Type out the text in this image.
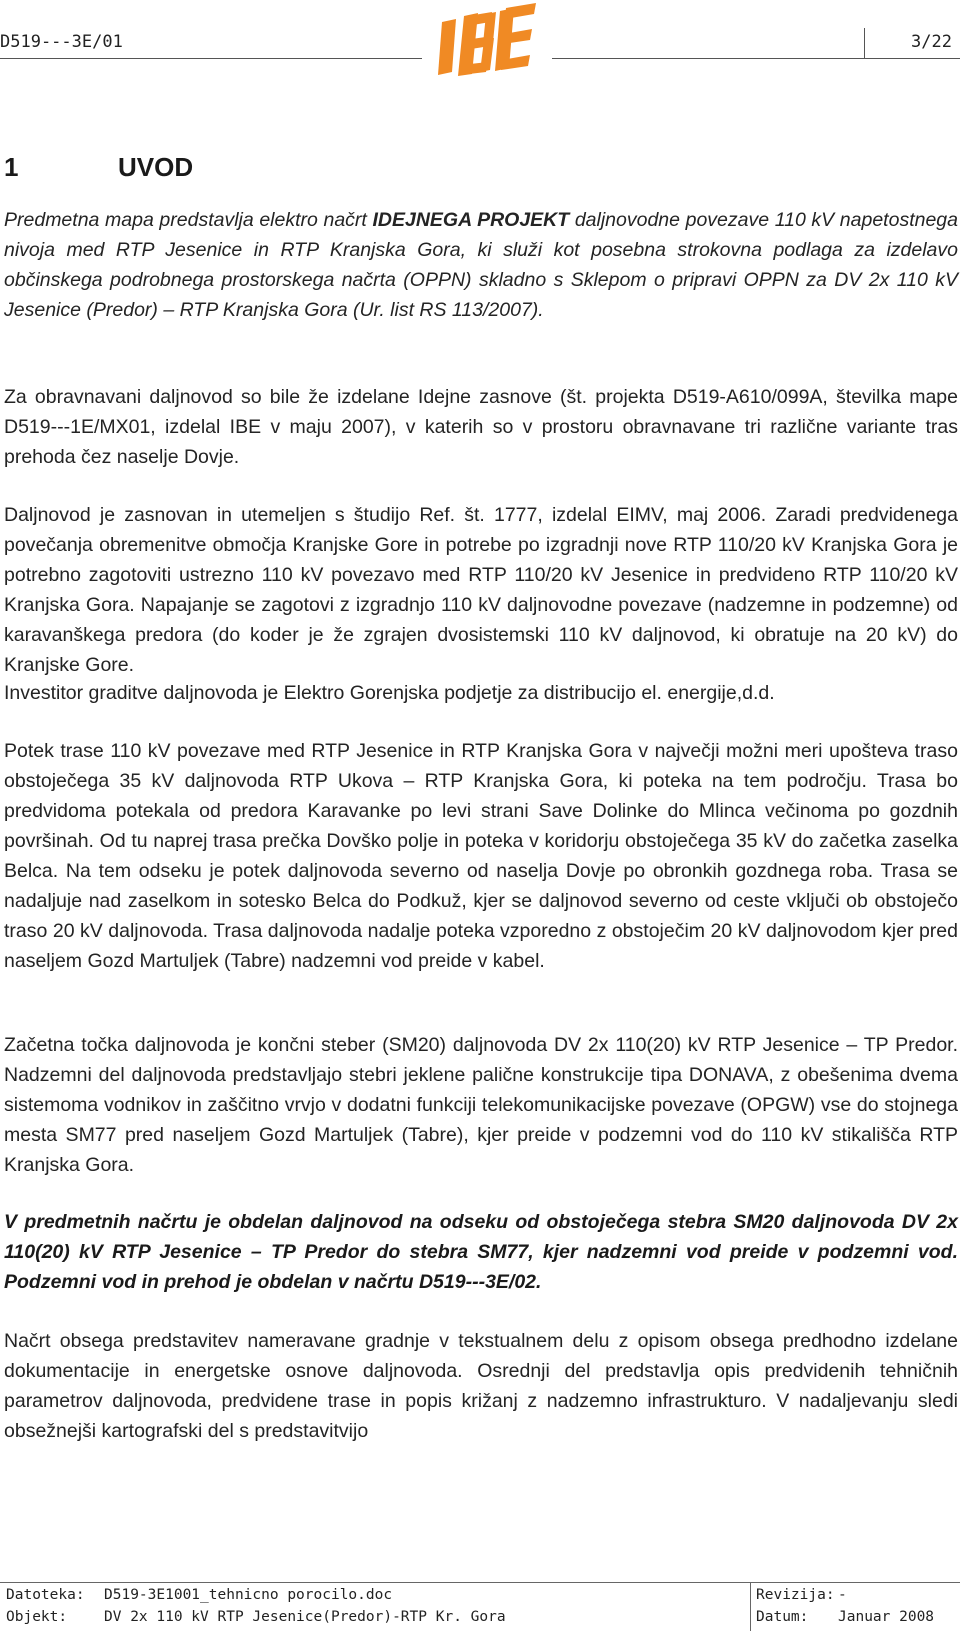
D519---3E/01	3/22
1	UVOD

Predmetna mapa predstavlja elektro načrt IDEJNEGA PROJEKT daljnovodne povezave 110 kV napetostnega nivoja med RTP Jesenice in RTP Kranjska Gora, ki služi kot posebna strokovna podlaga za izdelavo občinskega podrobnega prostorskega načrta (OPPN) skladno s Sklepom o pripravi OPPN za DV 2x 110 kV Jesenice (Predor) – RTP Kranjska Gora (Ur. list RS 113/2007).

Za obravnavani daljnovod so bile že izdelane Idejne zasnove (št. projekta D519-A610/099A, številka mape D519---1E/MX01, izdelal IBE v maju 2007), v katerih so v prostoru obravnavane tri različne variante tras prehoda čez naselje Dovje.

Daljnovod je zasnovan in utemeljen s študijo Ref. št. 1777, izdelal EIMV, maj 2006. Zaradi predvidenega povečanja obremenitve območja Kranjske Gore in potrebe po izgradnji nove RTP 110/20 kV Kranjska Gora je potrebno zagotoviti ustrezno 110 kV povezavo med RTP 110/20 kV Jesenice in predvideno RTP 110/20 kV Kranjska Gora. Napajanje se zagotovi z izgradnjo 110 kV daljnovodne povezave (nadzemne in podzemne) od karavanškega predora (do koder je že zgrajen dvosistemski 110 kV daljnovod, ki obratuje na 20 kV) do Kranjske Gore.

Investitor graditve daljnovoda je Elektro Gorenjska podjetje za distribucijo el. energije,d.d.

Potek trase 110 kV povezave med RTP Jesenice in RTP Kranjska Gora v največji možni meri upošteva traso obstoječega 35 kV daljnovoda RTP Ukova – RTP Kranjska Gora, ki poteka na tem področju. Trasa bo predvidoma potekala od predora Karavanke po levi strani Save Dolinke do Mlinca večinoma po gozdnih površinah. Od tu naprej trasa prečka Dovško polje in poteka v koridorju obstoječega 35 kV do začetka zaselka Belca. Na tem odseku je potek daljnovoda severno od naselja Dovje po obronkih gozdnega roba. Trasa se nadaljuje nad zaselkom in sotesko Belca do Podkuž, kjer se daljnovod severno od ceste vključi ob obstoječo traso 20 kV daljnovoda. Trasa daljnovoda nadalje poteka vzporedno z obstoječim 20 kV daljnovodom kjer pred naseljem Gozd Martuljek (Tabre) nadzemni vod preide v kabel.

Začetna točka daljnovoda je končni steber (SM20) daljnovoda DV 2x 110(20) kV RTP Jesenice – TP Predor. Nadzemni del daljnovoda predstavljajo stebri jeklene palične konstrukcije tipa DONAVA, z obešenima dvema sistemoma vodnikov in zaščitno vrvjo v dodatni funkciji telekomunikacijske povezave (OPGW) vse do stojnega mesta SM77 pred naseljem Gozd Martuljek (Tabre), kjer preide v podzemni vod do 110 kV stikališča RTP Kranjska Gora.

V predmetnih načrtu je obdelan daljnovod na odseku od obstoječega stebra SM20 daljnovoda DV 2x 110(20) kV RTP Jesenice – TP Predor do stebra SM77, kjer nadzemni vod preide v podzemni vod. Podzemni vod in prehod je obdelan v načrtu D519---3E/02.

Načrt obsega predstavitev nameravane gradnje v tekstualnem delu z opisom obsega predhodno izdelane dokumentacije in energetske osnove daljnovoda. Osrednji del predstavlja opis predvidenih tehničnih parametrov daljnovoda, predvidene trase in popis križanj z nadzemno infrastrukturo. V nadaljevanju sledi obsežnejši kartografski del s predstavitvijo

Datoteka: D519-3E1001_tehnicno porocilo.doc
Objekt:	DV 2x 110 kV RTP Jesenice(Predor)-RTP Kr. Gora
Revizija: -
Datum: Januar 2008
